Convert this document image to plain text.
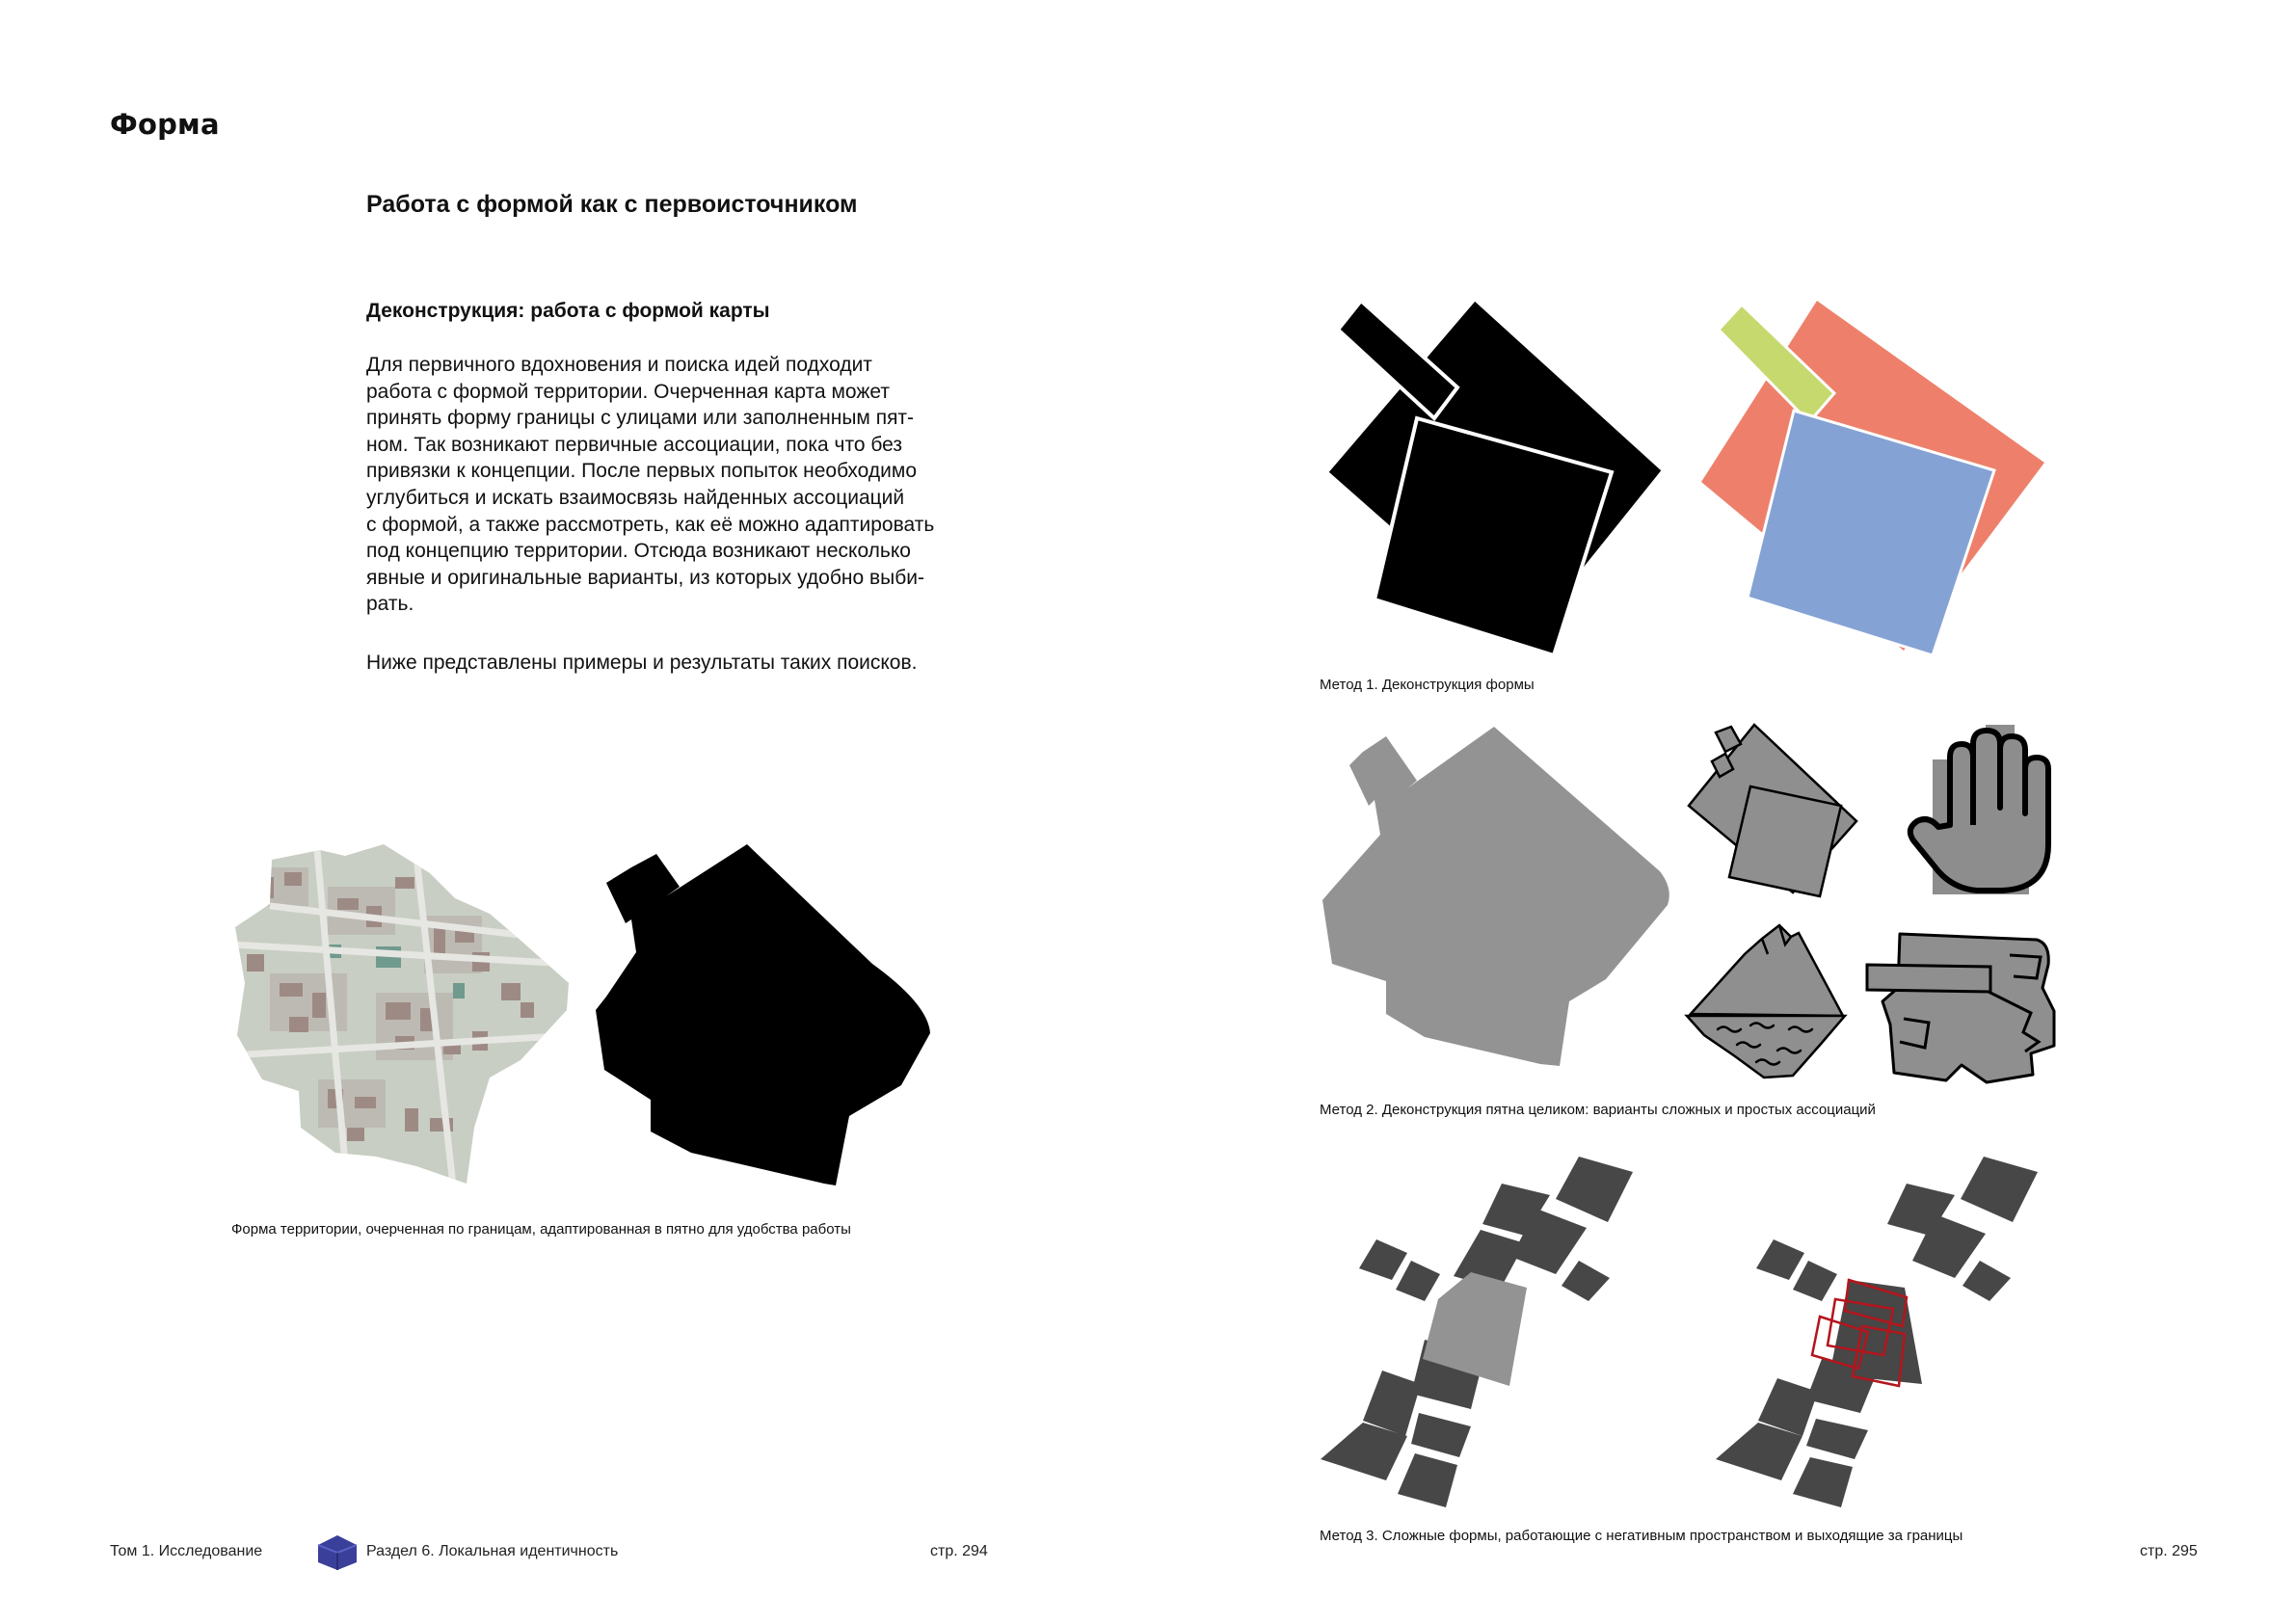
Форма
Работа с формой как с первоисточником
Деконструкция: работа с формой карты
Для первичного вдохновения и поиска идей подходит
работа с формой территории. Очерченная карта может
принять форму границы с улицами или заполненным пят-
ном. Так возникают первичные ассоциации, пока что без
привязки к концепции. После первых попыток необходимо
углубиться и искать взаимосвязь найденных ассоциаций
с формой, а также рассмотреть, как её можно адаптировать
под концепцию территории. Отсюда возникают несколько
явные и оригинальные варианты, из которых удобно выби-
рать.
Ниже представлены примеры и результаты таких поисков.
Форма территории, очерченная по границам, адаптированная в пятно для удобства работы
Метод 1. Деконструкция формы
Метод 2. Деконструкция пятна целиком: варианты сложных и простых ассоциаций
Метод 3. Сложные формы, работающие с негативным пространством и выходящие за границы
Том 1. Исследование	Раздел 6. Локальная идентичность	стр. 294	стр. 295
